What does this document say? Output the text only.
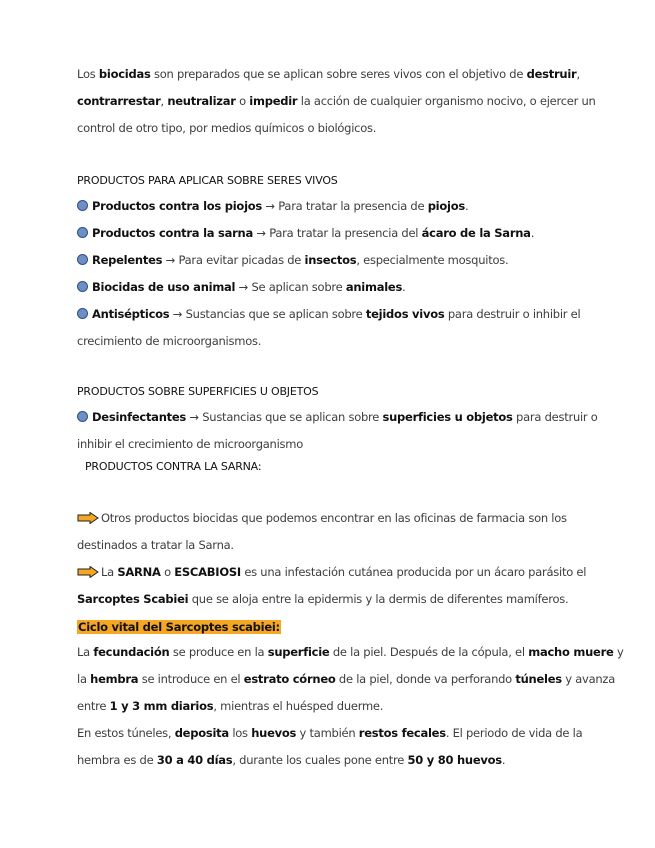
Los biocidas son preparados que se aplican sobre seres vivos con el objetivo de destruir,
contrarrestar, neutralizar o impedir la acción de cualquier organismo nocivo, o ejercer un
control de otro tipo, por medios químicos o biológicos.
PRODUCTOS PARA APLICAR SOBRE SERES VIVOS
Productos contra los piojos → Para tratar la presencia de piojos.
Productos contra la sarna → Para tratar la presencia del ácaro de la Sarna.
Repelentes → Para evitar picadas de insectos, especialmente mosquitos.
Biocidas de uso animal → Se aplican sobre animales.
Antisépticos → Sustancias que se aplican sobre tejidos vivos para destruir o inhibir el
crecimiento de microorganismos.
PRODUCTOS SOBRE SUPERFICIES U OBJETOS
Desinfectantes → Sustancias que se aplican sobre superficies u objetos para destruir o
inhibir el crecimiento de microorganismo
PRODUCTOS CONTRA LA SARNA:
Otros productos biocidas que podemos encontrar en las oficinas de farmacia son los
destinados a tratar la Sarna.
La SARNA o ESCABIOSI es una infestación cutánea producida por un ácaro parásito el
Sarcoptes Scabiei que se aloja entre la epidermis y la dermis de diferentes mamíferos.
Ciclo vital del Sarcoptes scabiei:
La fecundación se produce en la superficie de la piel. Después de la cópula, el macho muere y
la hembra se introduce en el estrato córneo de la piel, donde va perforando túneles y avanza
entre 1 y 3 mm diarios, mientras el huésped duerme.
En estos túneles, deposita los huevos y también restos fecales. El periodo de vida de la
hembra es de 30 a 40 días, durante los cuales pone entre 50 y 80 huevos.
